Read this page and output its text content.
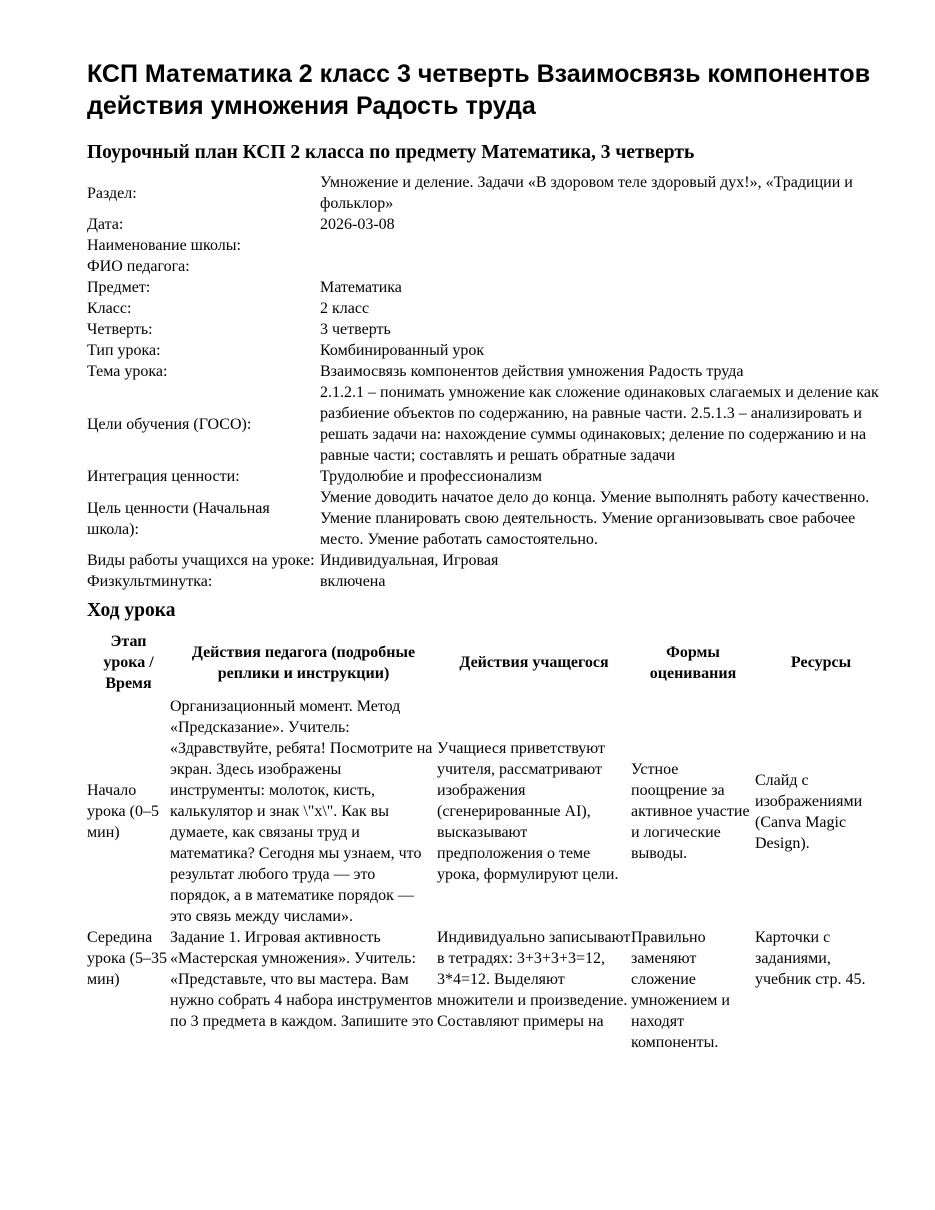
КСП Математика 2 класс 3 четверть Взаимосвязь компонентов действия умножения Радость труда
Поурочный план КСП 2 класса по предмету Математика, 3 четверть
Раздел:	Умножение и деление. Задачи «В здоровом теле здоровый дух!», «Традиции и фольклор»
Дата:	2026-03-08
Наименование школы:	
ФИО педагога:	
Предмет:	Математика
Класс:	2 класс
Четверть:	3 четверть
Тип урока:	Комбинированный урок
Тема урока:	Взаимосвязь компонентов действия умножения Радость труда
Цели обучения (ГОСО):	2.1.2.1 – понимать умножение как сложение одинаковых слагаемых и деление как разбиение объектов по содержанию, на равные части. 2.5.1.3 – анализировать и решать задачи на: нахождение суммы одинаковых; деление по содержанию и на равные части; составлять и решать обратные задачи
Интеграция ценности:	Трудолюбие и профессионализм
Цель ценности (Начальная школа):	Умение доводить начатое дело до конца. Умение выполнять работу качественно. Умение планировать свою деятельность. Умение организовывать свое рабочее место. Умение работать самостоятельно.
Виды работы учащихся на уроке:	Индивидуальная, Игровая
Физкультминутка:	включена
Ход урока
Этап урока / Время	Действия педагога (подробные реплики и инструкции)	Действия учащегося	Формы оценивания	Ресурсы
Начало урока (0–5 мин)	Организационный момент. Метод «Предсказание». Учитель: «Здравствуйте, ребята! Посмотрите на экран. Здесь изображены инструменты: молоток, кисть, калькулятор и знак \"x\". Как вы думаете, как связаны труд и математика? Сегодня мы узнаем, что результат любого труда — это порядок, а в математике порядок — это связь между числами».	Учащиеся приветствуют учителя, рассматривают изображения (сгенерированные AI), высказывают предположения о теме урока, формулируют цели.	Устное поощрение за активное участие и логические выводы.	Слайд с изображениями (Canva Magic Design).
Середина урока (5–35 мин)	Задание 1. Игровая активность «Мастерская умножения». Учитель: «Представьте, что вы мастера. Вам нужно собрать 4 набора инструментов по 3 предмета в каждом. Запишите это	Индивидуально записывают в тетрадях: 3+3+3+3=12, 3*4=12. Выделяют множители и произведение. Составляют примеры на	Правильно заменяют сложение умножением и находят компоненты.	Карточки с заданиями, учебник стр. 45.
